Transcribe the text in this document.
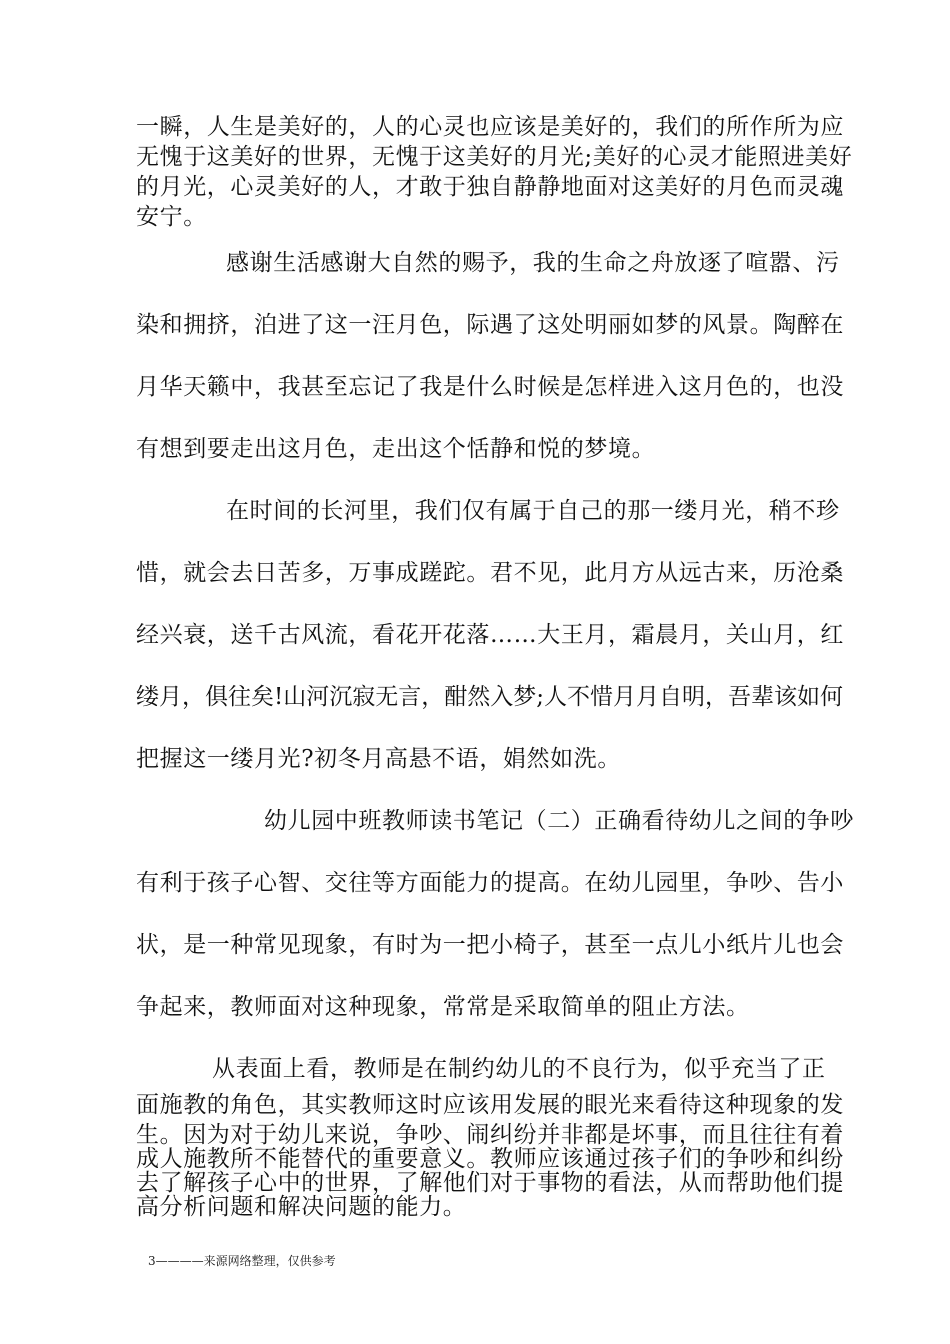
一瞬，人生是美好的，人的心灵也应该是美好的，我们的所作所为应
无愧于这美好的世界，无愧于这美好的月光;美好的心灵才能照进美好
的月光，心灵美好的人，才敢于独自静静地面对这美好的月色而灵魂
安宁。
感谢生活感谢大自然的赐予，我的生命之舟放逐了喧嚣、污
染和拥挤，泊进了这一汪月色，际遇了这处明丽如梦的风景。陶醉在
月华天籁中，我甚至忘记了我是什么时候是怎样进入这月色的，也没
有想到要走出这月色，走出这个恬静和悦的梦境。
在时间的长河里，我们仅有属于自己的那一缕月光，稍不珍
惜，就会去日苦多，万事成蹉跎。君不见，此月方从远古来，历沧桑
经兴衰，送千古风流，看花开花落……大王月，霜晨月，关山月，红
缕月，俱往矣!山河沉寂无言，酣然入梦;人不惜月月自明，吾辈该如何
把握这一缕月光?初冬月高悬不语，娟然如洗。
幼儿园中班教师读书笔记（二）正确看待幼儿之间的争吵
有利于孩子心智、交往等方面能力的提高。在幼儿园里，争吵、告小
状，是一种常见现象，有时为一把小椅子，甚至一点儿小纸片儿也会
争起来，教师面对这种现象，常常是采取简单的阻止方法。
从表面上看，教师是在制约幼儿的不良行为，似乎充当了正
面施教的角色，其实教师这时应该用发展的眼光来看待这种现象的发
生。因为对于幼儿来说，争吵、闹纠纷并非都是坏事，而且往往有着
成人施教所不能替代的重要意义。教师应该通过孩子们的争吵和纠纷
去了解孩子心中的世界，了解他们对于事物的看法，从而帮助他们提
高分析问题和解决问题的能力。
3————来源网络整理，仅供参考
